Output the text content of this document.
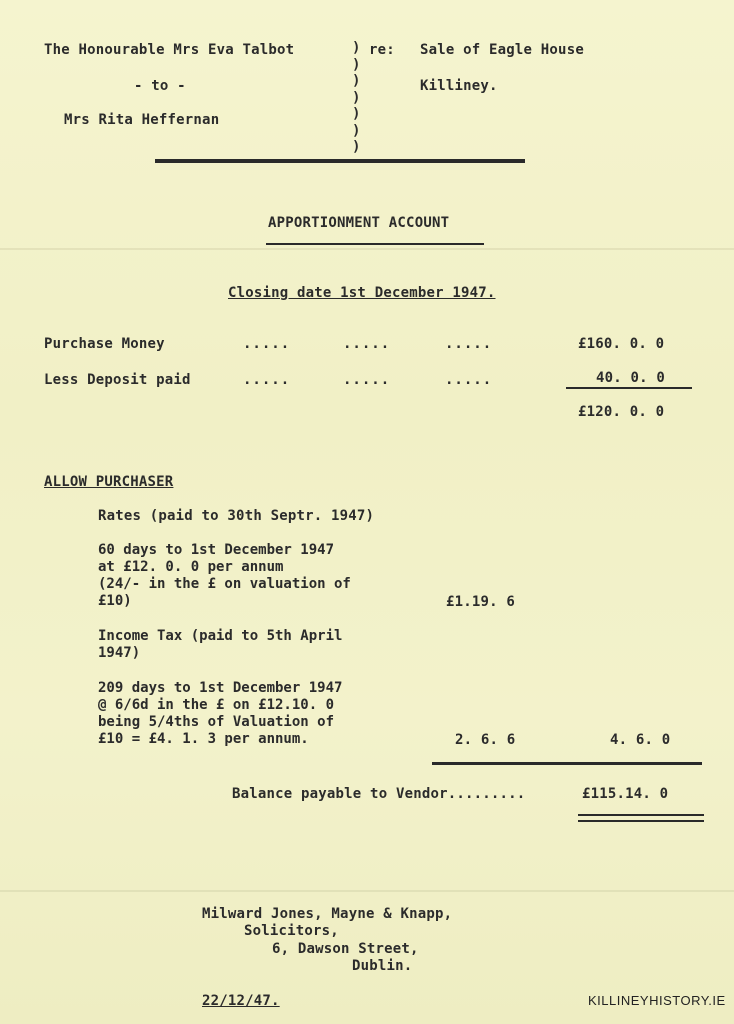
The Honourable Mrs Eva Talbot
- to -
Mrs Rita Heffernan
)
)
)
)
)
)
)
re: Sale of Eagle House
Killiney.
APPORTIONMENT ACCOUNT
Closing date 1st December 1947.
Purchase Money	.....	.....	.....	£160. 0. 0
Less Deposit paid	.....	.....	.....	40. 0. 0
£120. 0. 0
ALLOW PURCHASER
Rates (paid to 30th Septr. 1947)
60 days to 1st December 1947
at £12. 0. 0 per annum
(24/- in the £ on valuation of
£10)	£1.19. 6
Income Tax (paid to 5th April
1947)
209 days to 1st December 1947
@ 6/6d in the £ on £12.10. 0
being 5/4ths of Valuation of
£10 = £4. 1. 3 per annum.	2. 6. 6	4. 6. 0
Balance payable to Vendor.........	£115.14. 0
Milward Jones, Mayne & Knapp,
Solicitors,
6, Dawson Street,
Dublin.
22/12/47.	KILLINEYHISTORY.IE
